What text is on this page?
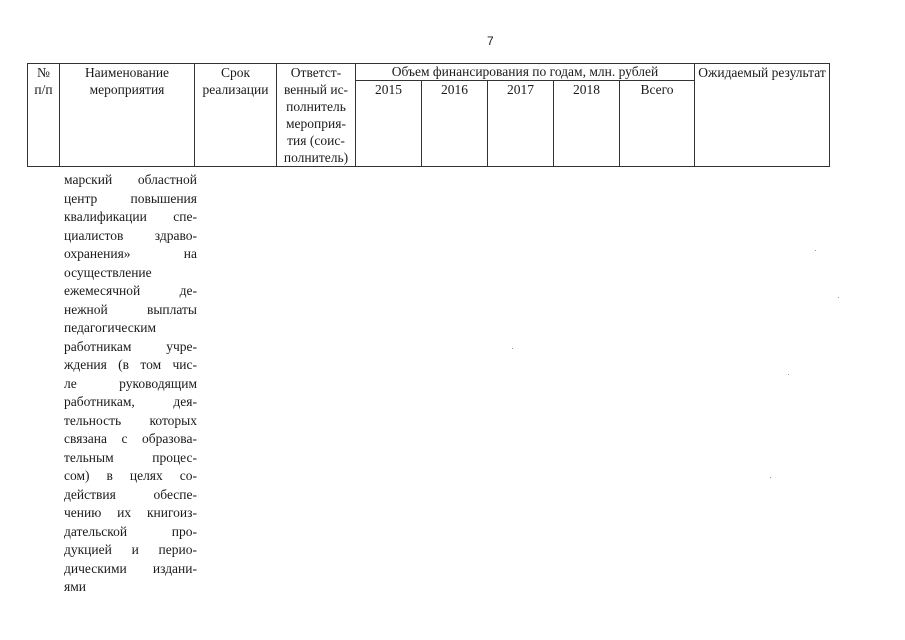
7
№ п/п	Наименование мероприятия	Срок реализации	Ответст-венный ис-полнитель мероприя-тия (соис-полнитель)	Объем финансирования по годам, млн. рублей					Ожидаемый результат
				2015	2016	2017	2018	Всего	
марский областной
центр повышения
квалификации спе-
циалистов здраво-
охранения» на
осуществление
ежемесячной де-
нежной выплаты
педагогическим
работникам учре-
ждения (в том чис-
ле руководящим
работникам, дея-
тельность которых
связана с образова-
тельным процес-
сом) в целях со-
действия обеспе-
чению их книгоиз-
дательской про-
дукцией и перио-
дическими издани-
ями
